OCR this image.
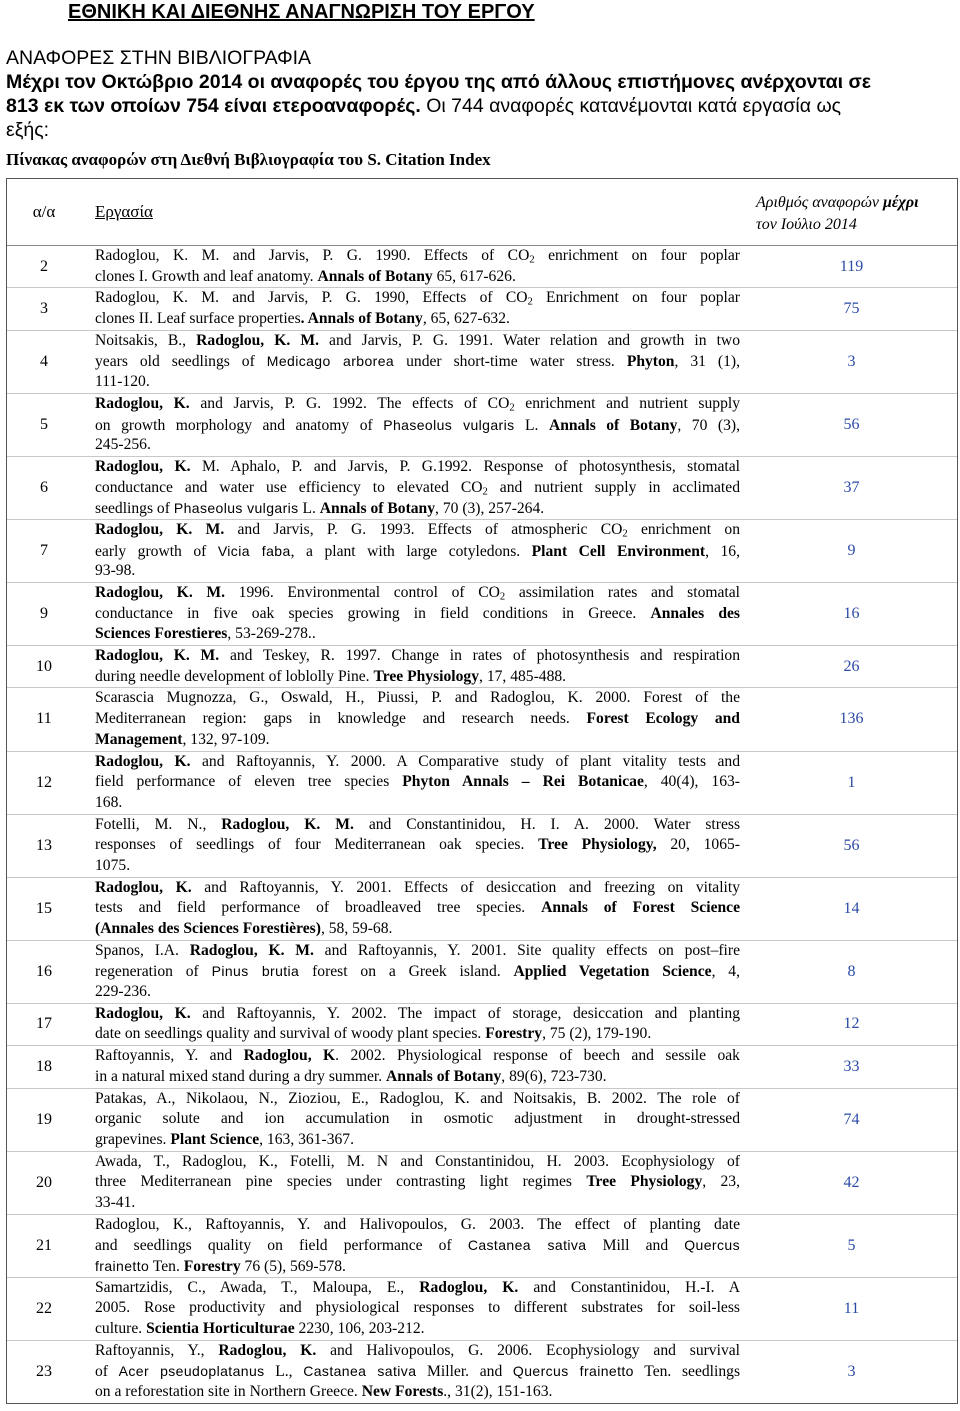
ΕΘΝΙΚΗ ΚΑΙ ΔΙΕΘΝΗΣ ΑΝΑΓΝΩΡΙΣΗ ΤΟΥ ΕΡΓΟΥ
ΑΝΑΦΟΡΕΣ ΣΤΗΝ ΒΙΒΛΙΟΓΡΑΦΙΑ
Μέχρι τον Οκτώβριο 2014 οι αναφορές του έργου της από άλλους επιστήμονες ανέρχονται σε
813 εκ των οποίων 754 είναι ετεροαναφορές. Οι 744 αναφορές κατανέμονται κατά εργασία ως
εξής:
Πίνακας αναφορών στη Διεθνή Βιβλιογραφία του S. Citation Index
α/α	Εργασία	Αριθμός αναφορών μέχρι
τον Ιούλιο 2014
2
Radoglou, K. M. and Jarvis, P. G. 1990. Effects of $CO_2$ enrichment on four poplar
clones I. Growth and leaf anatomy. Annals of Botany 65, 617-626.
119
3
Radoglou, K. M. and Jarvis, P. G. 1990, Effects of $CO_2$ Enrichment on four poplar
clones II. Leaf surface properties. Annals of Botany, 65, 627-632.
75
4
Noitsakis, B., Radoglou, K. M. and Jarvis, P. G. 1991. Water relation and growth in two
years old seedlings of Medicago arborea under short-time water stress. Phyton, 31 (1),
111-120.
3
5
Radoglou, K. and Jarvis, P. G. 1992. The effects of $CO_2$ enrichment and nutrient supply
on growth morphology and anatomy of Phaseolus vulgaris L. Annals of Botany, 70 (3),
245-256.
56
6
Radoglou, K. M. Aphalo, P. and Jarvis, P. G.1992. Response of photosynthesis, stomatal
conductance and water use efficiency to elevated $CO_2$ and nutrient supply in acclimated
seedlings of Phaseolus vulgaris L. Annals of Botany, 70 (3), 257-264.
37
7
Radoglou, K. M. and Jarvis, P. G. 1993. Effects of atmospheric $CO_2$ enrichment on
early growth of Vicia faba, a plant with large cotyledons. Plant Cell Environment, 16,
93-98.
9
9
Radoglou, K. M. 1996. Environmental control of $CO_2$ assimilation rates and stomatal
conductance in five oak species growing in field conditions in Greece. Annales des
Sciences Forestieres, 53-269-278..
16
10
Radoglou, K. M. and Teskey, R. 1997. Change in rates of photosynthesis and respiration
during needle development of loblolly Pine. Tree Physiology, 17, 485-488.
26
11
Scarascia Mugnozza, G., Oswald, H., Piussi, P. and Radoglou, K. 2000. Forest of the
Mediterranean region: gaps in knowledge and research needs. Forest Ecology and
Management, 132, 97-109.
136
12
Radoglou, K. and Raftoyannis, Y. 2000. A Comparative study of plant vitality tests and
field performance of eleven tree species Phyton Annals – Rei Botanicae, 40(4), 163-
168.
1
13
Fotelli, M. N., Radoglou, K. M. and Constantinidou, H. I. A. 2000. Water stress
responses of seedlings of four Mediterranean oak species. Tree Physiology, 20, 1065-
1075.
56
15
Radoglou, K. and Raftoyannis, Y. 2001. Effects of desiccation and freezing on vitality
tests and field performance of broadleaved tree species. Annals of Forest Science
(Annales des Sciences Forestières), 58, 59-68.
14
16
Spanos, I.A. Radoglou, K. M. and Raftoyannis, Y. 2001. Site quality effects on post–fire
regeneration of Pinus brutia forest on a Greek island. Applied Vegetation Science, 4,
229-236.
8
17
Radoglou, K. and Raftoyannis, Y. 2002. The impact of storage, desiccation and planting
date on seedlings quality and survival of woody plant species. Forestry, 75 (2), 179-190.
12
18
Raftoyannis, Y. and Radoglou, K. 2002. Physiological response of beech and sessile oak
in a natural mixed stand during a dry summer. Annals of Botany, 89(6), 723-730.
33
19
Patakas, A., Nikolaou, N., Zioziou, E., Radoglou, K. and Noitsakis, B. 2002. The role of
organic solute and ion accumulation in osmotic adjustment in drought-stressed
grapevines. Plant Science, 163, 361-367.
74
20
Awada, T., Radoglou, K., Fotelli, M. N and Constantinidou, H. 2003. Ecophysiology of
three Mediterranean pine species under contrasting light regimes Tree Physiology, 23,
33-41.
42
21
Radoglou, K., Raftoyannis, Y. and Halivopoulos, G. 2003. The effect of planting date
and seedlings quality on field performance of Castanea sativa Mill and Quercus
frainetto Ten. Forestry 76 (5), 569-578.
5
22
Samartzidis, C., Awada, T., Maloupa, E., Radoglou, K. and Constantinidou, H.-I. A
2005. Rose productivity and physiological responses to different substrates for soil-less
culture. Scientia Horticulturae 2230, 106, 203-212.
11
23
Raftoyannis, Y., Radoglou, K. and Halivopoulos, G. 2006. Ecophysiology and survival
of Acer pseudoplatanus L., Castanea sativa Miller. and Quercus frainetto Ten. seedlings
on a reforestation site in Northern Greece. New Forests., 31(2), 151-163.
3
